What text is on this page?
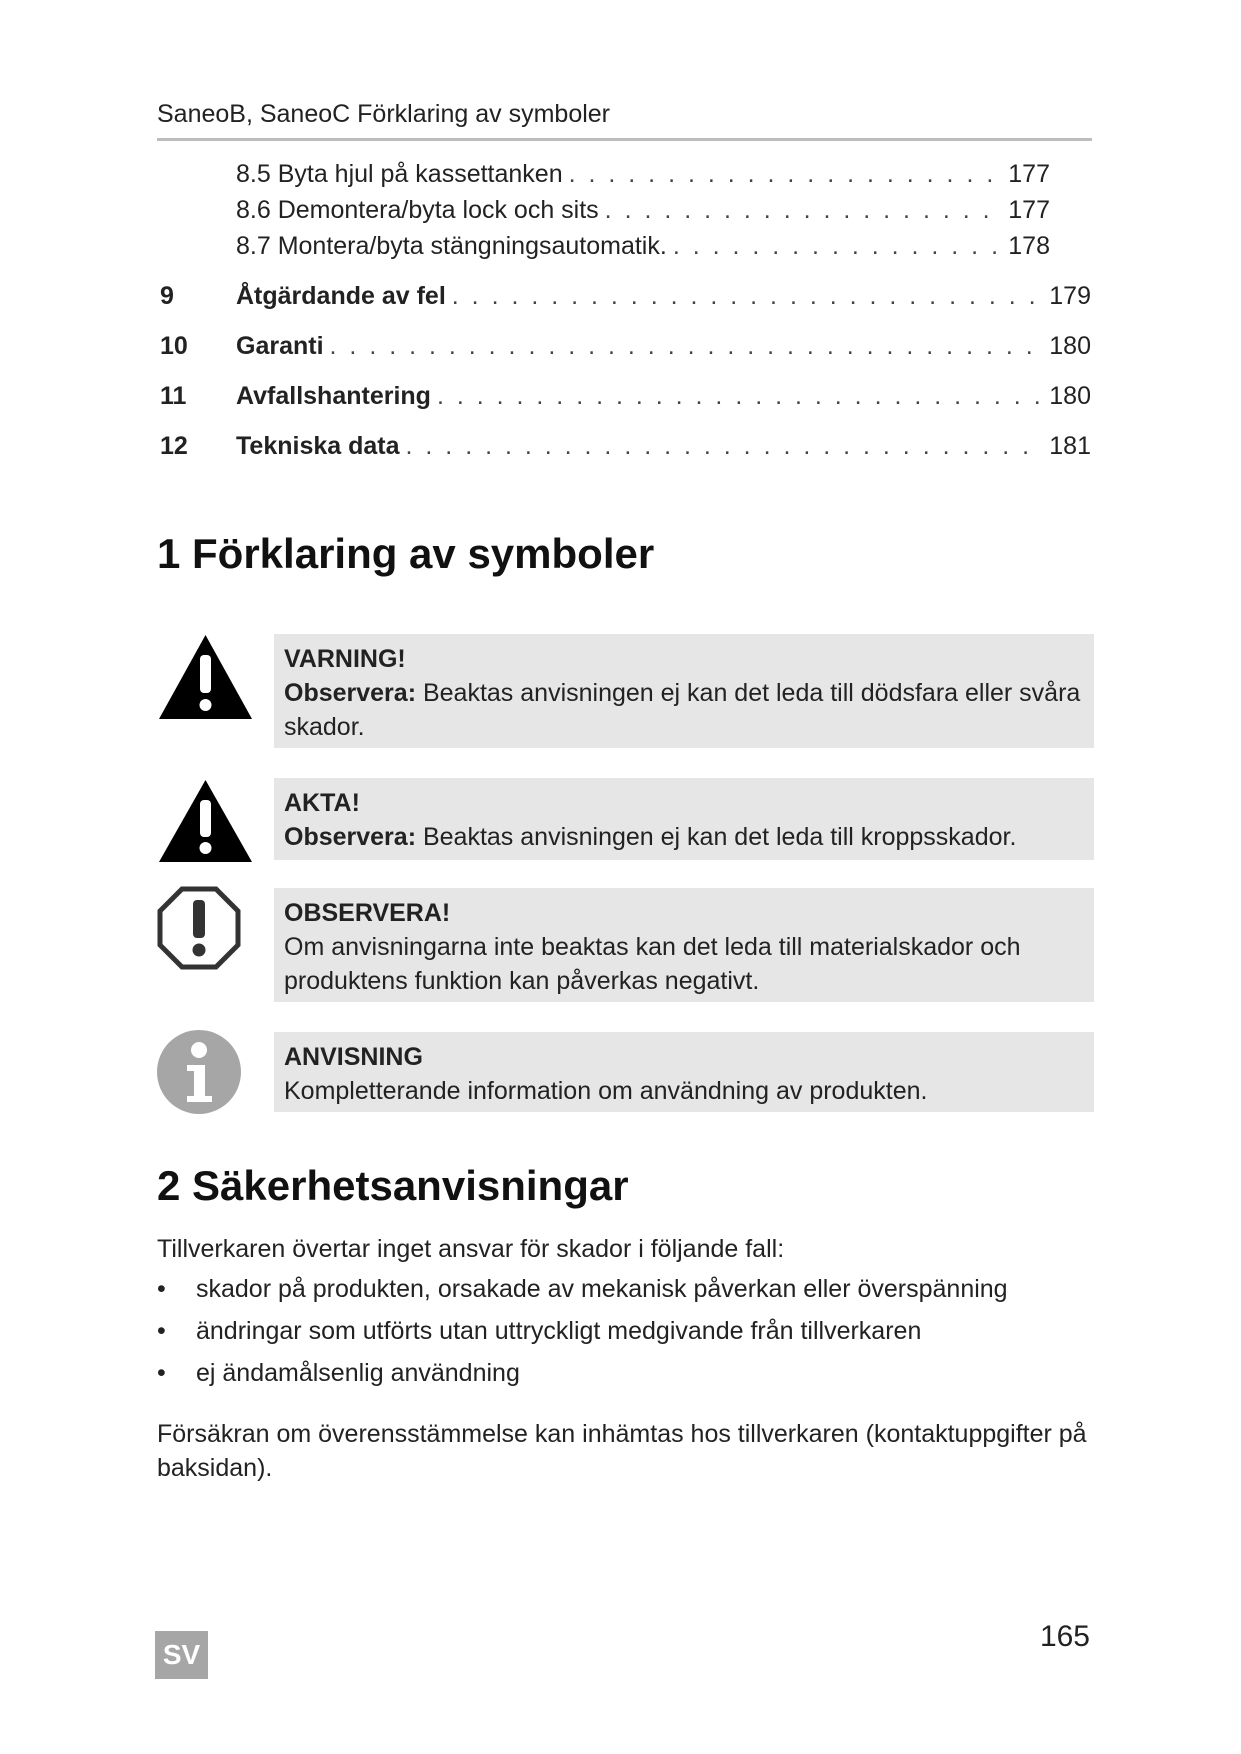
SaneoB, SaneoC Förklaring av symboler
8.5 Byta hjul på kassettanken . . .	177
8.6 Demontera/byta lock och sits . . .	177
8.7 Montera/byta stängningsautomatik. . . .	178
9	Åtgärdande av fel . . .	179
10	Garanti . . .	180
11	Avfallshantering . . .	180
12	Tekniska data . . .	181
1 Förklaring av symboler
VARNING!
Observera: Beaktas anvisningen ej kan det leda till dödsfara eller svåra skador.
AKTA!
Observera: Beaktas anvisningen ej kan det leda till kroppsskador.
OBSERVERA!
Om anvisningarna inte beaktas kan det leda till materialskador och produktens funktion kan påverkas negativt.
ANVISNING
Kompletterande information om användning av produkten.
2 Säkerhetsanvisningar
Tillverkaren övertar inget ansvar för skador i följande fall:
•	skador på produkten, orsakade av mekanisk påverkan eller överspänning
•	ändringar som utförts utan uttryckligt medgivande från tillverkaren
•	ej ändamålsenlig användning
Försäkran om överensstämmelse kan inhämtas hos tillverkaren (kontaktuppgifter på baksidan).
SV
165
